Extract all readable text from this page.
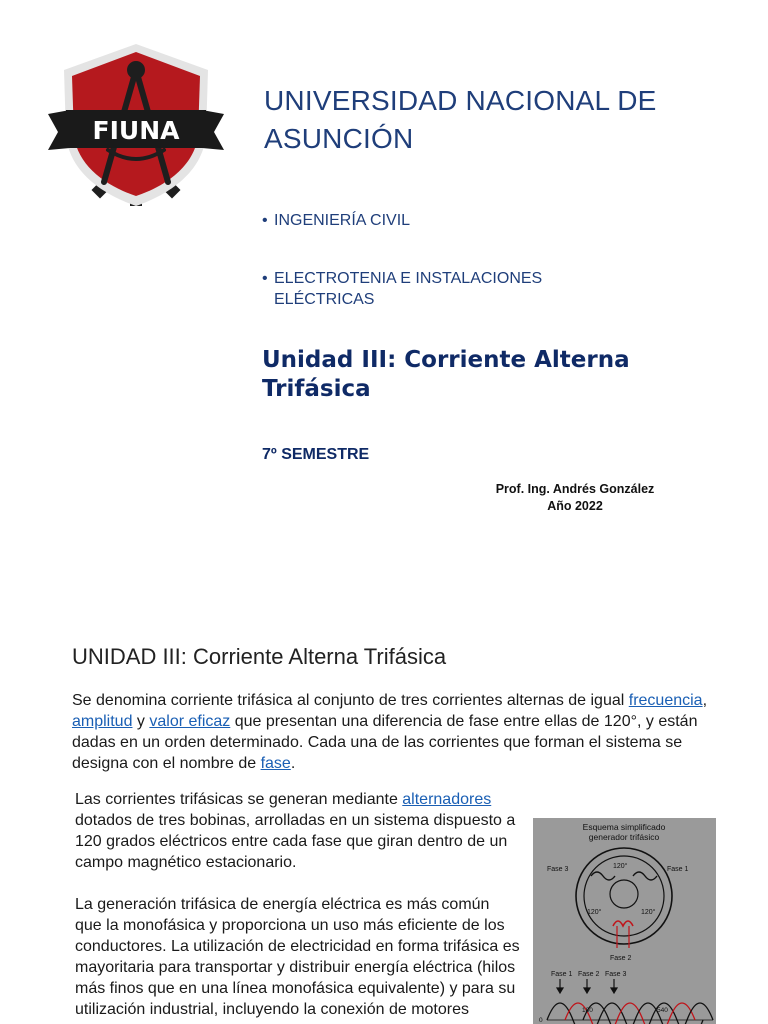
FIUNA
UNIVERSIDAD NACIONAL DE ASUNCIÓN
• INGENIERÍA CIVIL
• ELECTROTENIA E INSTALACIONES ELÉCTRICAS
Unidad III: Corriente Alterna Trifásica
7º SEMESTRE
Prof. Ing. Andrés González
Año 2022
UNIDAD III: Corriente Alterna Trifásica
Se denomina corriente trifásica al conjunto de tres corrientes alternas de igual frecuencia, amplitud y valor eficaz que presentan una diferencia de fase entre ellas de 120°, y están dadas en un orden determinado. Cada una de las corrientes que forman el sistema se designa con el nombre de fase.
Las corrientes trifásicas se generan mediante alternadores dotados de tres bobinas, arrolladas en un sistema dispuesto a 120 grados eléctricos entre cada fase que giran dentro de un campo magnético estacionario.
La generación trifásica de energía eléctrica es más común que la monofásica y proporciona un uso más eficiente de los conductores. La utilización de electricidad en forma trifásica es mayoritaria para transportar y distribuir energía eléctrica (hilos más finos que en una línea monofásica equivalente) y para su utilización industrial, incluyendo la conexión de motores
Esquema simplificado
generador trifásico
Fase 3	Fase 1
Fase 2
120°
120°	120°
Fase 1 Fase 2 Fase 3
180	540
0
